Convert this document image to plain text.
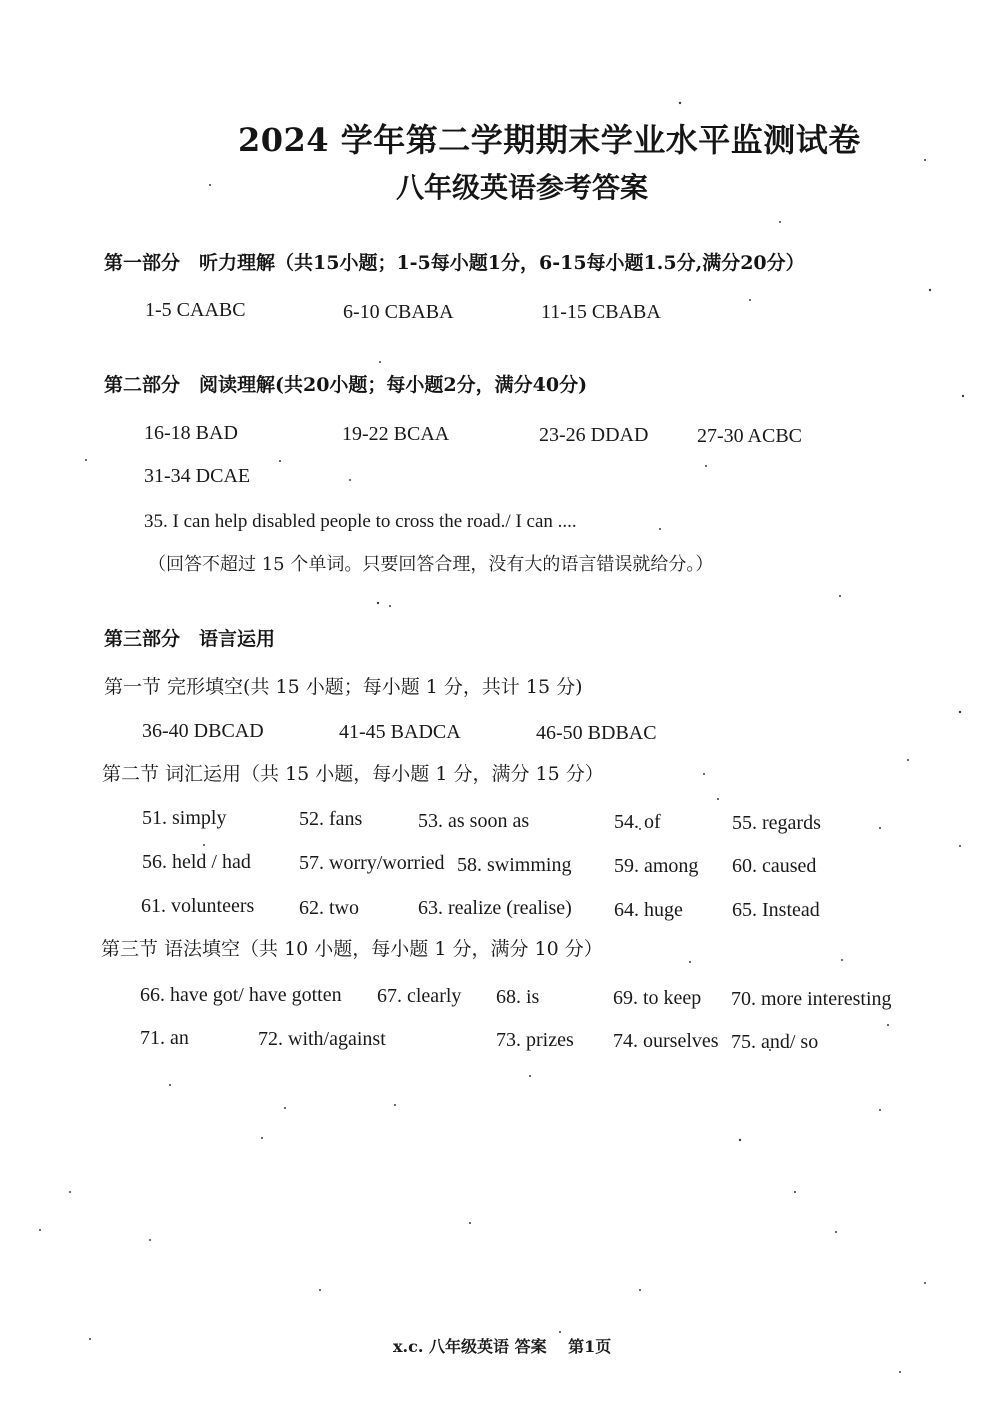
2024 学年第二学期期末学业水平监测试卷
八年级英语参考答案
第一部分　听力理解（共15小题；1-5每小题1分，6-15每小题1.5分,满分20分）
1-5 CAABC	6-10 CBABA	11-15 CBABA
第二部分　阅读理解(共20小题；每小题2分，满分40分)
16-18 BAD	19-22 BCAA	23-26 DDAD 27-30 ACBC
31-34 DCAE
35. I can help disabled people to cross the road./ I can ....
（回答不超过 15 个单词。只要回答合理，没有大的语言错误就给分。）
第三部分　语言运用
第一节 完形填空(共 15 小题；每小题 1 分，共计 15 分)
36-40 DBCAD	41-45 BADCA	46-50 BDBAC
第二节 词汇运用（共 15 小题，每小题 1 分，满分 15 分）
51. simply	52. fans	53. as soon as	54. of	55. regards
56. held / had 57. worry/worried 58. swimming 59. among 60. caused
61. volunteers 62. two	63. realize (realise) 64. huge 65. Instead
第三节 语法填空（共 10 小题，每小题 1 分，满分 10 分）
66. have got/ have gotten 67. clearly 68. is	69. to keep 70. more interesting
71. an	72. with/against	73. prizes 74. ourselves 75. and/ so
x.c. 八年级英语 答案　 第1页
